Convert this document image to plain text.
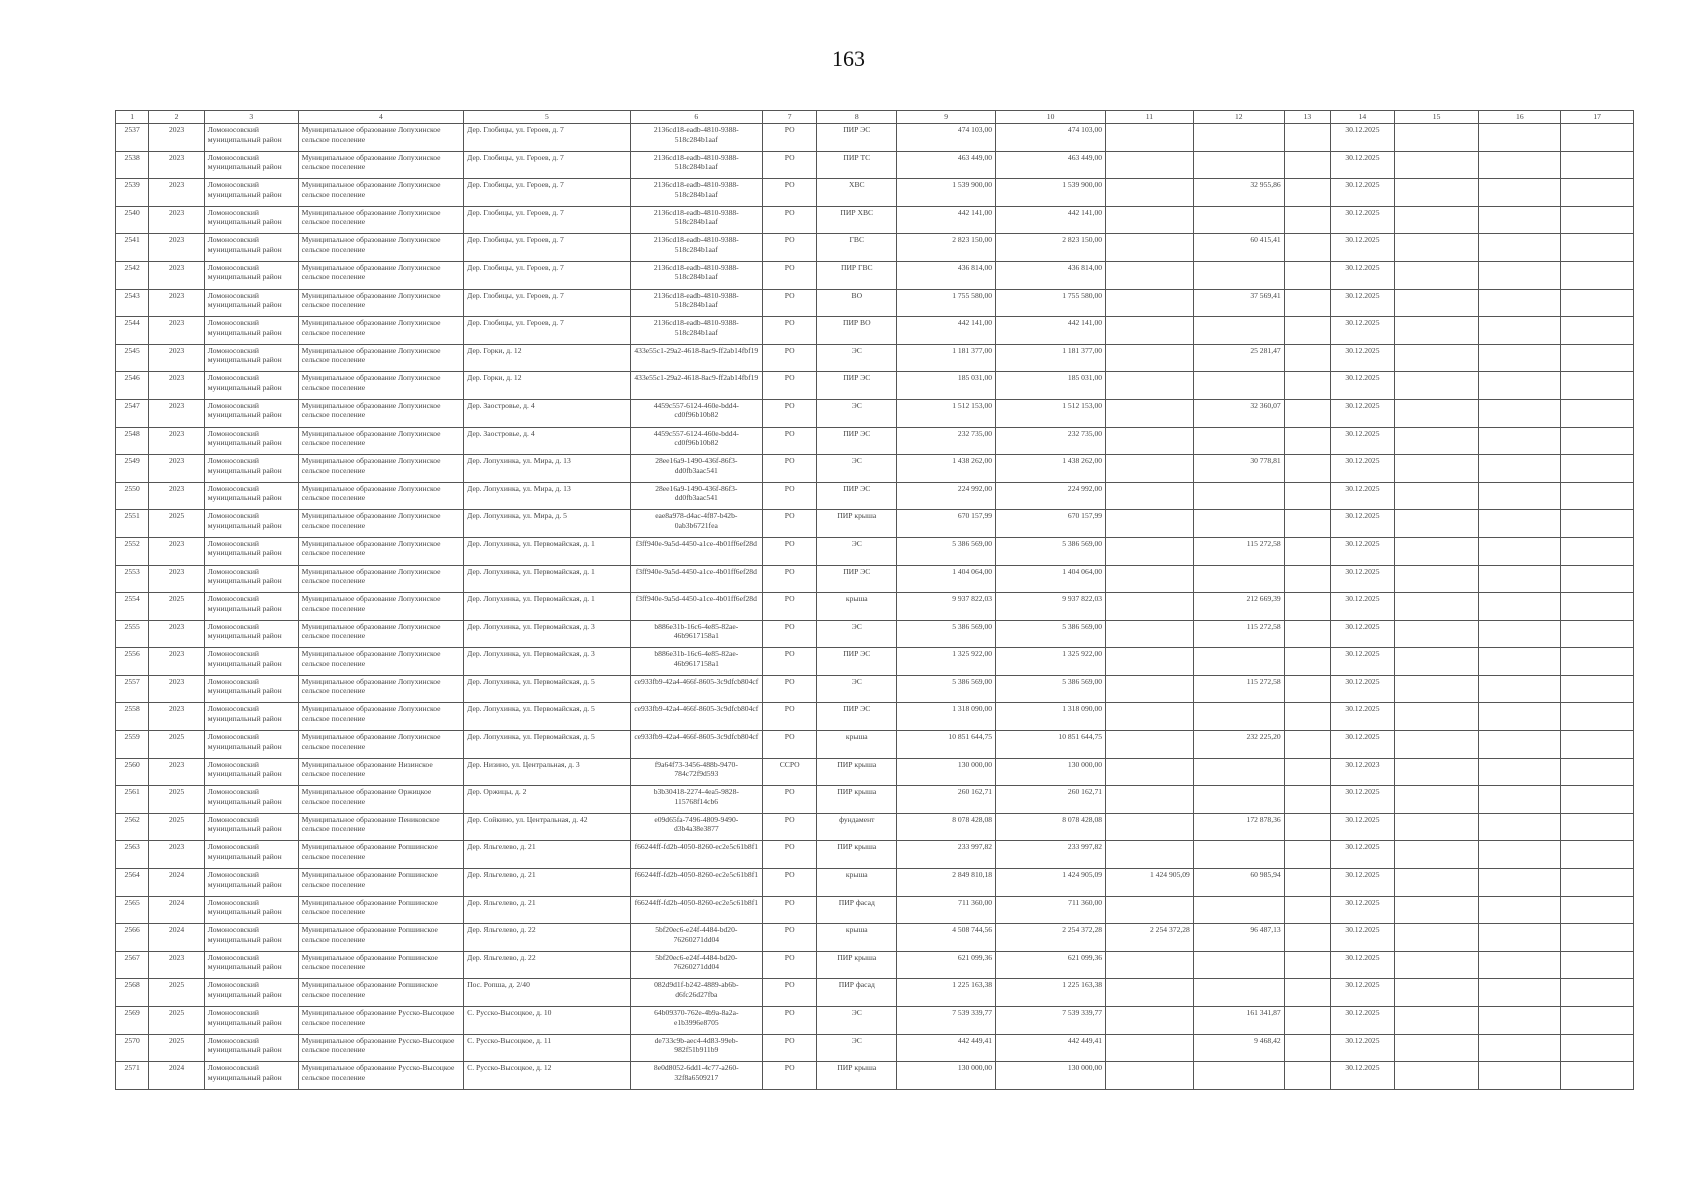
163
1	2	3	4	5	6	7	8	9	10	11	12	13	14	15	16	17
2537	2023	Ломоносовский муниципальный район	Муниципальное образование Лопухинское сельское поселение	Дер. Глобицы, ул. Героев, д. 7	2136cd18-eadb-4810-9388-518c284b1aaf	РО	ПИР ЭС	474 103,00	474 103,00				30.12.2025			
2538	2023	Ломоносовский муниципальный район	Муниципальное образование Лопухинское сельское поселение	Дер. Глобицы, ул. Героев, д. 7	2136cd18-eadb-4810-9388-518c284b1aaf	РО	ПИР ТС	463 449,00	463 449,00				30.12.2025			
2539	2023	Ломоносовский муниципальный район	Муниципальное образование Лопухинское сельское поселение	Дер. Глобицы, ул. Героев, д. 7	2136cd18-eadb-4810-9388-518c284b1aaf	РО	ХВС	1 539 900,00	1 539 900,00		32 955,86		30.12.2025			
2540	2023	Ломоносовский муниципальный район	Муниципальное образование Лопухинское сельское поселение	Дер. Глобицы, ул. Героев, д. 7	2136cd18-eadb-4810-9388-518c284b1aaf	РО	ПИР ХВС	442 141,00	442 141,00				30.12.2025			
2541	2023	Ломоносовский муниципальный район	Муниципальное образование Лопухинское сельское поселение	Дер. Глобицы, ул. Героев, д. 7	2136cd18-eadb-4810-9388-518c284b1aaf	РО	ГВС	2 823 150,00	2 823 150,00		60 415,41		30.12.2025			
2542	2023	Ломоносовский муниципальный район	Муниципальное образование Лопухинское сельское поселение	Дер. Глобицы, ул. Героев, д. 7	2136cd18-eadb-4810-9388-518c284b1aaf	РО	ПИР ГВС	436 814,00	436 814,00				30.12.2025			
2543	2023	Ломоносовский муниципальный район	Муниципальное образование Лопухинское сельское поселение	Дер. Глобицы, ул. Героев, д. 7	2136cd18-eadb-4810-9388-518c284b1aaf	РО	ВО	1 755 580,00	1 755 580,00		37 569,41		30.12.2025			
2544	2023	Ломоносовский муниципальный район	Муниципальное образование Лопухинское сельское поселение	Дер. Глобицы, ул. Героев, д. 7	2136cd18-eadb-4810-9388-518c284b1aaf	РО	ПИР ВО	442 141,00	442 141,00				30.12.2025			
2545	2023	Ломоносовский муниципальный район	Муниципальное образование Лопухинское сельское поселение	Дер. Горки, д. 12	433e55c1-29a2-4618-8ac9-ff2ab14fbf19	РО	ЭС	1 181 377,00	1 181 377,00		25 281,47		30.12.2025			
2546	2023	Ломоносовский муниципальный район	Муниципальное образование Лопухинское сельское поселение	Дер. Горки, д. 12	433e55c1-29a2-4618-8ac9-ff2ab14fbf19	РО	ПИР ЭС	185 031,00	185 031,00				30.12.2025			
2547	2023	Ломоносовский муниципальный район	Муниципальное образование Лопухинское сельское поселение	Дер. Заостровье, д. 4	4459c557-6124-460e-bdd4-cd0f96b10b82	РО	ЭС	1 512 153,00	1 512 153,00		32 360,07		30.12.2025			
2548	2023	Ломоносовский муниципальный район	Муниципальное образование Лопухинское сельское поселение	Дер. Заостровье, д. 4	4459c557-6124-460e-bdd4-cd0f96b10b82	РО	ПИР ЭС	232 735,00	232 735,00				30.12.2025			
2549	2023	Ломоносовский муниципальный район	Муниципальное образование Лопухинское сельское поселение	Дер. Лопухинка, ул. Мира, д. 13	28ee16a9-1490-436f-86f3-dd0fb3aac541	РО	ЭС	1 438 262,00	1 438 262,00		30 778,81		30.12.2025			
2550	2023	Ломоносовский муниципальный район	Муниципальное образование Лопухинское сельское поселение	Дер. Лопухинка, ул. Мира, д. 13	28ee16a9-1490-436f-86f3-dd0fb3aac541	РО	ПИР ЭС	224 992,00	224 992,00				30.12.2025			
2551	2025	Ломоносовский муниципальный район	Муниципальное образование Лопухинское сельское поселение	Дер. Лопухинка, ул. Мира, д. 5	eae8a978-d4ac-4f87-b42b-0ab3b6721fea	РО	ПИР крыша	670 157,99	670 157,99				30.12.2025			
2552	2023	Ломоносовский муниципальный район	Муниципальное образование Лопухинское сельское поселение	Дер. Лопухинка, ул. Первомайская, д. 1	f3ff940e-9a5d-4450-a1ce-4b01ff6ef28d	РО	ЭС	5 386 569,00	5 386 569,00		115 272,58		30.12.2025			
2553	2023	Ломоносовский муниципальный район	Муниципальное образование Лопухинское сельское поселение	Дер. Лопухинка, ул. Первомайская, д. 1	f3ff940e-9a5d-4450-a1ce-4b01ff6ef28d	РО	ПИР ЭС	1 404 064,00	1 404 064,00				30.12.2025			
2554	2025	Ломоносовский муниципальный район	Муниципальное образование Лопухинское сельское поселение	Дер. Лопухинка, ул. Первомайская, д. 1	f3ff940e-9a5d-4450-a1ce-4b01ff6ef28d	РО	крыша	9 937 822,03	9 937 822,03		212 669,39		30.12.2025			
2555	2023	Ломоносовский муниципальный район	Муниципальное образование Лопухинское сельское поселение	Дер. Лопухинка, ул. Первомайская, д. 3	b886e31b-16c6-4e85-82ae-46b9617158a1	РО	ЭС	5 386 569,00	5 386 569,00		115 272,58		30.12.2025			
2556	2023	Ломоносовский муниципальный район	Муниципальное образование Лопухинское сельское поселение	Дер. Лопухинка, ул. Первомайская, д. 3	b886e31b-16c6-4e85-82ae-46b9617158a1	РО	ПИР ЭС	1 325 922,00	1 325 922,00				30.12.2025			
2557	2023	Ломоносовский муниципальный район	Муниципальное образование Лопухинское сельское поселение	Дер. Лопухинка, ул. Первомайская, д. 5	ce933fb9-42a4-466f-8605-3c9dfcb804cf	РО	ЭС	5 386 569,00	5 386 569,00		115 272,58		30.12.2025			
2558	2023	Ломоносовский муниципальный район	Муниципальное образование Лопухинское сельское поселение	Дер. Лопухинка, ул. Первомайская, д. 5	ce933fb9-42a4-466f-8605-3c9dfcb804cf	РО	ПИР ЭС	1 318 090,00	1 318 090,00				30.12.2025			
2559	2025	Ломоносовский муниципальный район	Муниципальное образование Лопухинское сельское поселение	Дер. Лопухинка, ул. Первомайская, д. 5	ce933fb9-42a4-466f-8605-3c9dfcb804cf	РО	крыша	10 851 644,75	10 851 644,75		232 225,20		30.12.2025			
2560	2023	Ломоносовский муниципальный район	Муниципальное образование Низинское сельское поселение	Дер. Низино, ул. Центральная, д. 3	f9a64f73-3456-488b-9470-784c72f9d593	ССРО	ПИР крыша	130 000,00	130 000,00				30.12.2023			
2561	2025	Ломоносовский муниципальный район	Муниципальное образование Оржицкое сельское поселение	Дер. Оржицы, д. 2	b3b30418-2274-4ea5-9828-115768f14cb6	РО	ПИР крыша	260 162,71	260 162,71				30.12.2025			
2562	2025	Ломоносовский муниципальный район	Муниципальное образование Пениковское сельское поселение	Дер. Сойкино, ул. Центральная, д. 42	e09d65fa-7496-4809-9490-d3b4a38e3877	РО	фундамент	8 078 428,08	8 078 428,08		172 878,36		30.12.2025			
2563	2023	Ломоносовский муниципальный район	Муниципальное образование Ропшинское сельское поселение	Дер. Яльгелево, д. 21	f66244ff-fd2b-4050-8260-ec2e5c61b8f1	РО	ПИР крыша	233 997,82	233 997,82				30.12.2025			
2564	2024	Ломоносовский муниципальный район	Муниципальное образование Ропшинское сельское поселение	Дер. Яльгелево, д. 21	f66244ff-fd2b-4050-8260-ec2e5c61b8f1	РО	крыша	2 849 810,18	1 424 905,09	1 424 905,09	60 985,94		30.12.2025			
2565	2024	Ломоносовский муниципальный район	Муниципальное образование Ропшинское сельское поселение	Дер. Яльгелево, д. 21	f66244ff-fd2b-4050-8260-ec2e5c61b8f1	РО	ПИР фасад	711 360,00	711 360,00				30.12.2025			
2566	2024	Ломоносовский муниципальный район	Муниципальное образование Ропшинское сельское поселение	Дер. Яльгелево, д. 22	5bf20ec6-e24f-4484-bd20-76260271dd04	РО	крыша	4 508 744,56	2 254 372,28	2 254 372,28	96 487,13		30.12.2025			
2567	2023	Ломоносовский муниципальный район	Муниципальное образование Ропшинское сельское поселение	Дер. Яльгелево, д. 22	5bf20ec6-e24f-4484-bd20-76260271dd04	РО	ПИР крыша	621 099,36	621 099,36				30.12.2025			
2568	2025	Ломоносовский муниципальный район	Муниципальное образование Ропшинское сельское поселение	Пос. Ропша, д. 2/40	082d9d1f-b242-4889-ab6b-d6fc26d27fba	РО	ПИР фасад	1 225 163,38	1 225 163,38				30.12.2025			
2569	2025	Ломоносовский муниципальный район	Муниципальное образование Русско-Высоцкое сельское поселение	С. Русско-Высоцкое, д. 10	64b09370-762e-4b9a-8a2a-e1b3996e8705	РО	ЭС	7 539 339,77	7 539 339,77		161 341,87		30.12.2025			
2570	2025	Ломоносовский муниципальный район	Муниципальное образование Русско-Высоцкое сельское поселение	С. Русско-Высоцкое, д. 11	de733c9b-aec4-4d83-99eb-982f51b911b9	РО	ЭС	442 449,41	442 449,41		9 468,42		30.12.2025			
2571	2024	Ломоносовский муниципальный район	Муниципальное образование Русско-Высоцкое сельское поселение	С. Русско-Высоцкое, д. 12	8e0d8052-6dd1-4c77-a260-32f8a6509217	РО	ПИР крыша	130 000,00	130 000,00				30.12.2025			
